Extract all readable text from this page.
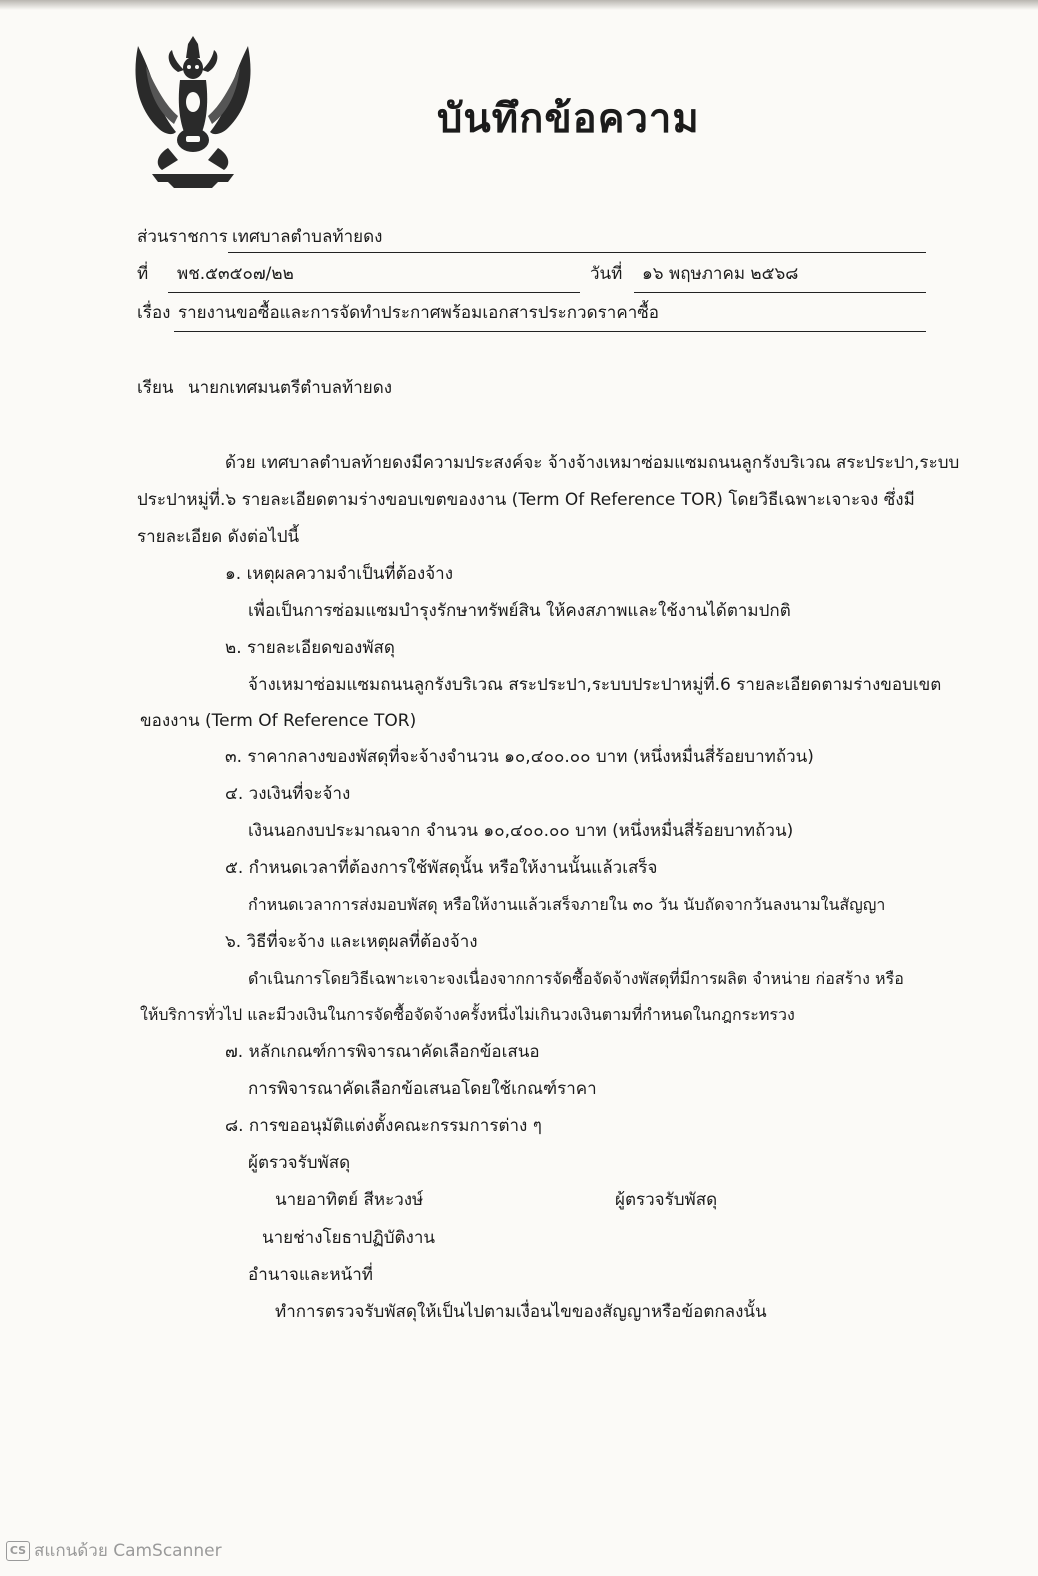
บันทึกข้อความ
ส่วนราชการ เทศบาลตำบลท้ายดง
ที่ พช.๕๓๕๐๗/๒๒	วันที่ ๑๖ พฤษภาคม ๒๕๖๘
เรื่อง รายงานขอซื้อและการจัดทำประกาศพร้อมเอกสารประกวดราคาซื้อ
เรียน นายกเทศมนตรีตำบลท้ายดง
ด้วย เทศบาลตำบลท้ายดงมีความประสงค์จะ จ้างจ้างเหมาซ่อมแซมถนนลูกรังบริเวณ สระประปา,ระบบ
ประปาหมู่ที่.๖ รายละเอียดตามร่างขอบเขตของงาน (Term Of Reference TOR) โดยวิธีเฉพาะเจาะจง ซึ่งมี
รายละเอียด ดังต่อไปนี้
๑. เหตุผลความจำเป็นที่ต้องจ้าง
เพื่อเป็นการซ่อมแซมบำรุงรักษาทรัพย์สิน ให้คงสภาพและใช้งานได้ตามปกติ
๒. รายละเอียดของพัสดุ
จ้างเหมาซ่อมแซมถนนลูกรังบริเวณ สระประปา,ระบบประปาหมู่ที่.6 รายละเอียดตามร่างขอบเขต
ของงาน (Term Of Reference TOR)
๓. ราคากลางของพัสดุที่จะจ้างจำนวน ๑๐,๔๐๐.๐๐ บาท (หนึ่งหมื่นสี่ร้อยบาทถ้วน)
๔. วงเงินที่จะจ้าง
เงินนอกงบประมาณจาก จำนวน ๑๐,๔๐๐.๐๐ บาท (หนึ่งหมื่นสี่ร้อยบาทถ้วน)
๕. กำหนดเวลาที่ต้องการใช้พัสดุนั้น หรือให้งานนั้นแล้วเสร็จ
กำหนดเวลาการส่งมอบพัสดุ หรือให้งานแล้วเสร็จภายใน ๓๐ วัน นับถัดจากวันลงนามในสัญญา
๖. วิธีที่จะจ้าง และเหตุผลที่ต้องจ้าง
ดำเนินการโดยวิธีเฉพาะเจาะจงเนื่องจากการจัดซื้อจัดจ้างพัสดุที่มีการผลิต จำหน่าย ก่อสร้าง หรือ
ให้บริการทั่วไป และมีวงเงินในการจัดซื้อจัดจ้างครั้งหนึ่งไม่เกินวงเงินตามที่กำหนดในกฎกระทรวง
๗. หลักเกณฑ์การพิจารณาคัดเลือกข้อเสนอ
การพิจารณาคัดเลือกข้อเสนอโดยใช้เกณฑ์ราคา
๘. การขออนุมัติแต่งตั้งคณะกรรมการต่าง ๆ
ผู้ตรวจรับพัสดุ
นายอาทิตย์ สีหะวงษ์	ผู้ตรวจรับพัสดุ
นายช่างโยธาปฏิบัติงาน
อำนาจและหน้าที่
ทำการตรวจรับพัสดุให้เป็นไปตามเงื่อนไขของสัญญาหรือข้อตกลงนั้น
CS สแกนด้วย CamScanner
